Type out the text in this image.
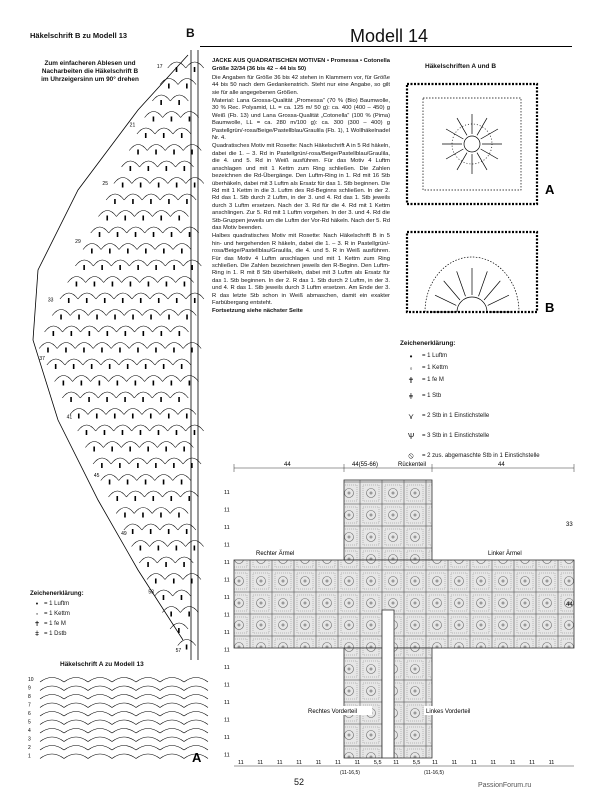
Häkelschrift B zu Modell 13	B	Modell 14
Zum einfacheren Ablesen und Nacharbeiten die Häkelschrift B im Uhrzeigersinn um 90° drehen
17
21
25
29
33
37
41
45
49
53
57

JACKE AUS QUADRATISCHEN MOTIVEN • Promessa • Cotonella

Größe 32/34 (36 bis 42 – 44 bis 50)

Die Angaben für Größe 36 bis 42 stehen in Klammern vor, für Größe 44 bis 50 nach dem Gedankenstrich. Steht nur eine Angabe, so gilt sie für alle angegebenen Größen.

Material: Lana Grossa-Qualität „Promessa“ (70 % (Bio) Baumwolle, 30 % Rec. Polyamid, LL = ca. 125 m/ 50 g): ca. 400 (400 – 450) g Weiß (Fb. 13) und Lana Grossa-Qualität „Cotonella“ (100 % (Pima) Baumwolle, LL = ca. 280 m/100 g): ca. 300 (300 – 400) g Pastellgrün/-rosa/Beige/Pastellblau/Graulila (Fb. 1), 1 Wollhäkelnadel Nr. 4.

Quadratisches Motiv mit Rosette: Nach Häkelschrift A in 5 Rd häkeln, dabei die 1. – 3. Rd in Pastellgrün/-rosa/Beige/Pastellblau/Graulila, die 4. und 5. Rd in Weiß ausführen. Für das Motiv 4 Luftm anschlagen und mit 1 Kettm zum Ring schließen. Die Zahlen bezeichnen die Rd-Übergänge. Den Luftm-Ring in 1. Rd mit 16 Stb überhäkeln, dabei mit 3 Luftm als Ersatz für das 1. Stb beginnen. Die Rd mit 1 Kettm in die 3. Luftm des Rd-Beginns schließen. In der 2. Rd das 1. Stb durch 2 Luftm, in der 3. und 4. Rd das 1. Stb jeweils durch 3 Luftm ersetzen. Nach der 3. Rd für die 4. Rd mit 1 Kettm anschlingen. Zur 5. Rd mit 1 Luftm vorgehen. In der 3. und 4. Rd die Stb-Gruppen jeweils um die Luftm der Vor-Rd häkeln. Nach der 5. Rd das Motiv beenden.

Halbes quadratisches Motiv mit Rosette: Nach Häkelschrift B in 5 hin- und hergehenden R häkeln, dabei die 1. – 3. R in Pastellgrün/-rosa/Beige/Pastellblau/Graulila, die 4. und 5. R in Weiß ausführen. Für das Motiv 4 Luftm anschlagen und mit 1 Kettm zum Ring schließen. Die Zahlen bezeichnen jeweils den R-Beginn. Den Luftm-Ring in 1. R mit 8 Stb überhäkeln, dabei mit 3 Luftm als Ersatz für das 1. Stb beginnen. In der 2. R das 1. Stb durch 2 Luftm, in der 3. und 4. R das 1. Stb jeweils durch 3 Luftm ersetzen. Am Ende der 3. R das letzte Stb schon in Weiß abmaschen, damit ein exakter Farbübergang entsteht.

Fortsetzung siehe nächster Seite

Häkelschriften A und B
A
B
Zeichenerklärung:
•	= 1 Luftm
◦	= 1 Kettm
✝	= 1 fe M
ǂ	= 1 Stb
⋎	= 2 Stb in 1 Einstichstelle
Ѱ	= 3 Stb in 1 Einstichstelle
⦸	= 2 zus. abgemaschte Stb in 1 Einstichstelle
Zeichenerklärung:
• = 1 Luftm
◦ = 1 Kettm
✝ = 1 fe M
ǂ = 1 Dstb
Häkelschrift A zu Modell 13
10
9
8
7
6
5
4
3
2
1	A
44	44(55-66)	Rückenteil	44
11
11
11
11
11
11
11
11
11
11
11
11
11
11
11
11
33
44
Rechter Ärmel	Linker Ärmel
Rechtes Vorderteil	Linkes Vorderteil
11 11 11 11 11 11 11 5,5 11 5,5 11 11 11 11 11 11 11
(11-16,5)	(11-16,5)
52	PassionForum.ru
